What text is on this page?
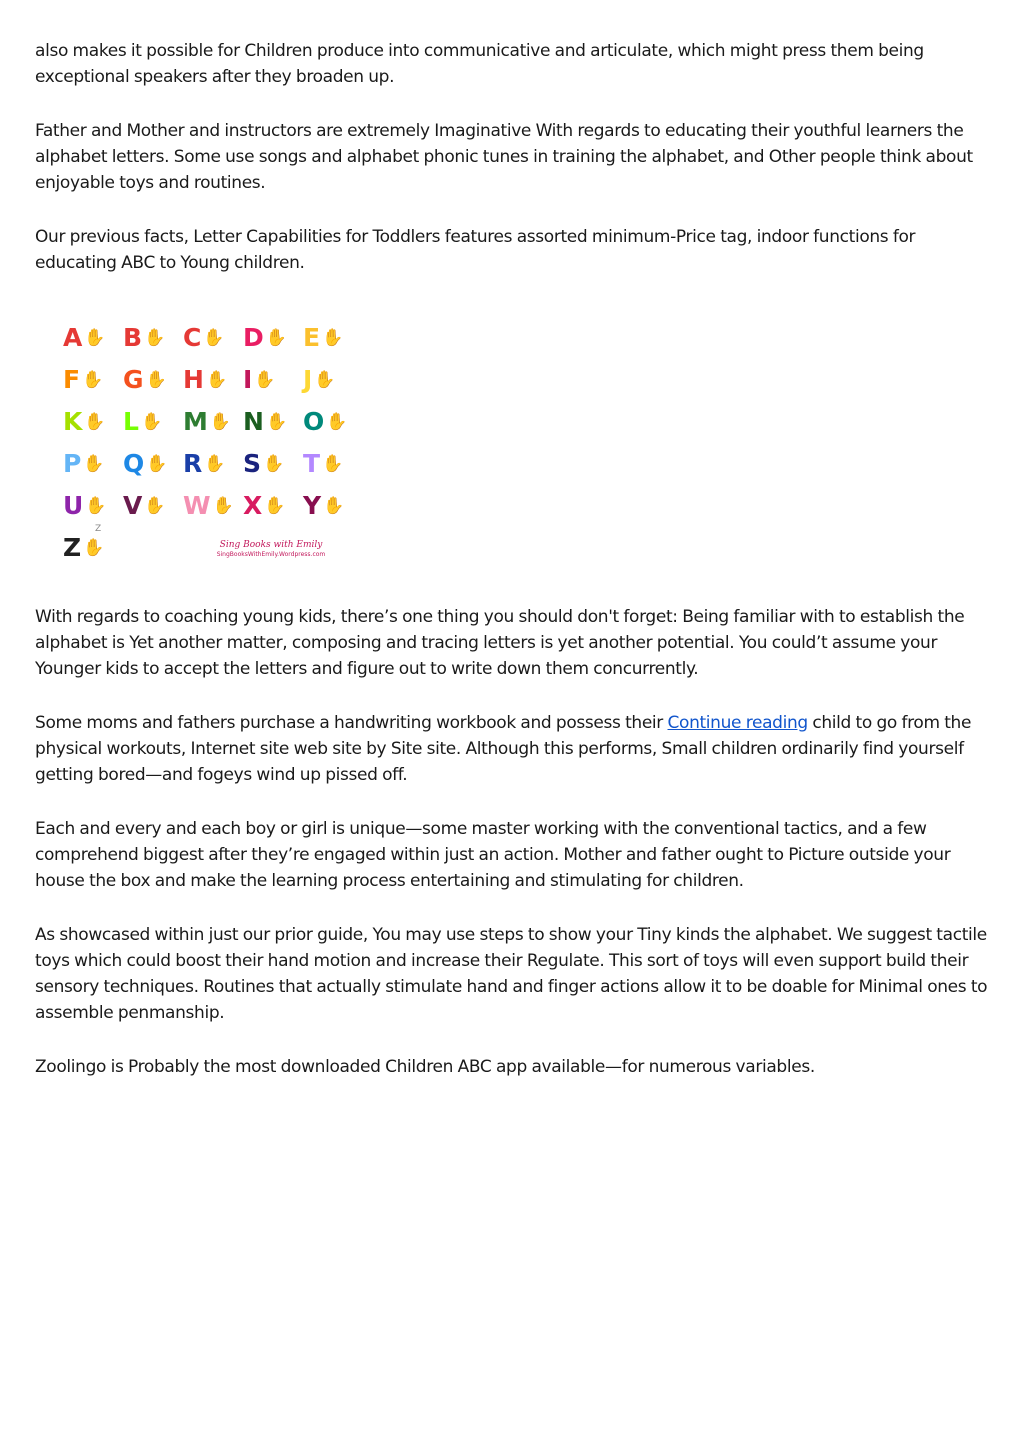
also makes it possible for Children produce into communicative and articulate, which might press them being exceptional speakers after they broaden up.

Father and Mother and instructors are extremely Imaginative With regards to educating their youthful learners the alphabet letters. Some use songs and alphabet phonic tunes in training the alphabet, and Other people think about enjoyable toys and routines.

Our previous facts, Letter Capabilities for Toddlers features assorted minimum-Price tag, indoor functions for educating ABC to Young children.

Z
Sing Books with Emily
SingBooksWithEmily.Wordpress.com
A ✋ B ✋ C ✋ D ✋ E ✋
F ✋ G ✋ H ✋ I ✋ J ✋
K ✋ L ✋ M ✋ N ✋ O ✋
P ✋ Q ✋ R ✋ S ✋ T ✋
U ✋ V ✋ W ✋ X ✋ Y ✋
Z ✋

With regards to coaching young kids, there’s one thing you should don't forget: Being familiar with to establish the alphabet is Yet another matter, composing and tracing letters is yet another potential. You could’t assume your Younger kids to accept the letters and figure out to write down them concurrently.

Some moms and fathers purchase a handwriting workbook and possess their Continue reading child to go from the physical workouts, Internet site web site by Site site. Although this performs, Small children ordinarily find yourself getting bored—and fogeys wind up pissed off.

Each and every and each boy or girl is unique—some master working with the conventional tactics, and a few comprehend biggest after they’re engaged within just an action. Mother and father ought to Picture outside your house the box and make the learning process entertaining and stimulating for children.

As showcased within just our prior guide, You may use steps to show your Tiny kinds the alphabet. We suggest tactile toys which could boost their hand motion and increase their Regulate. This sort of toys will even support build their sensory techniques. Routines that actually stimulate hand and finger actions allow it to be doable for Minimal ones to assemble penmanship.

Zoolingo is Probably the most downloaded Children ABC app available—for numerous variables.
